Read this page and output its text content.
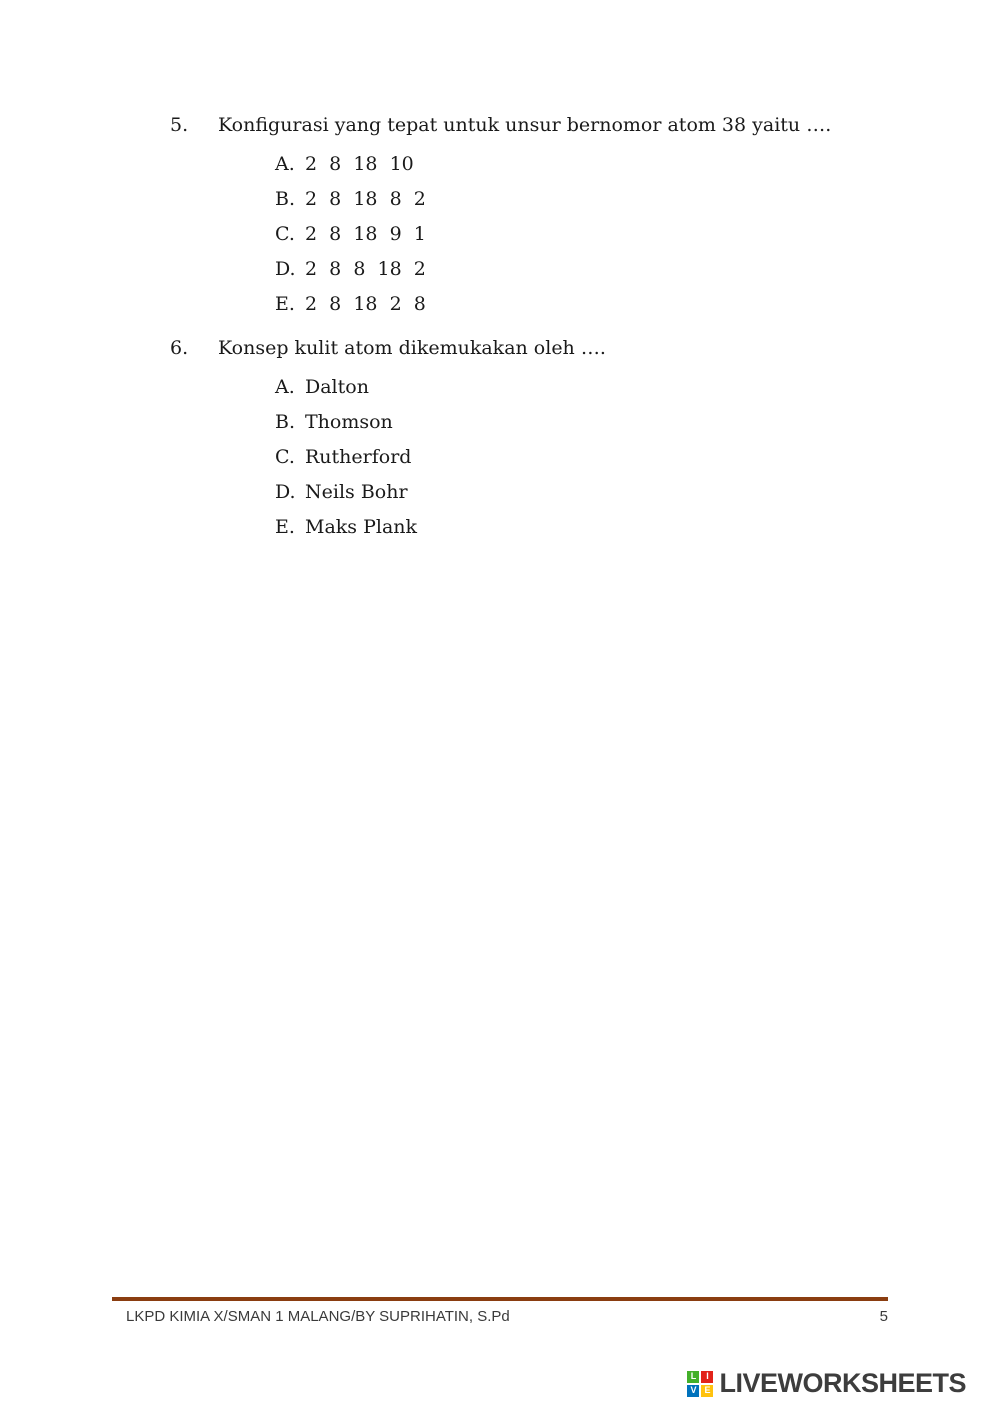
5.	Konfigurasi yang tepat untuk unsur bernomor atom 38 yaitu ….
A. 2  8  18  10
B. 2  8  18  8  2
C. 2  8  18  9  1
D. 2  8  8  18  2
E. 2  8  18  2  8
6.	Konsep kulit atom dikemukakan oleh ….
A. Dalton
B. Thomson
C. Rutherford
D. Neils Bohr
E. Maks Plank
LKPD KIMIA X/SMAN 1 MALANG/BY SUPRIHATIN, S.Pd	5
L	I
V E LIVEWORKSHEETS
